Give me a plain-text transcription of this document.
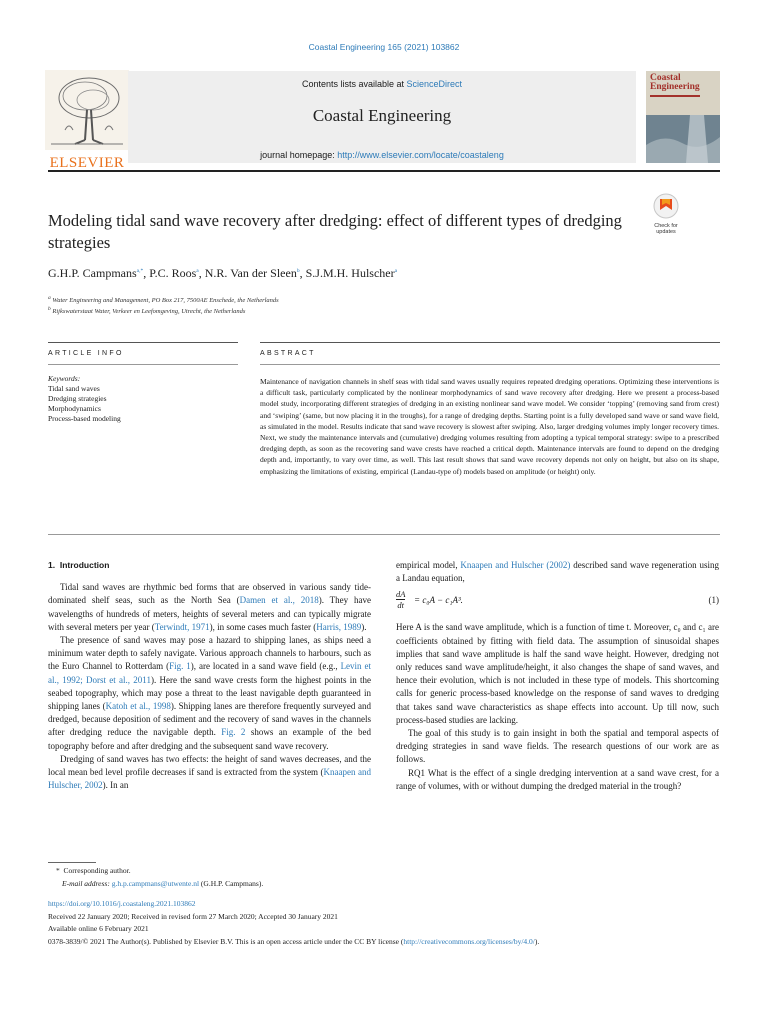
Coastal Engineering 165 (2021) 103862
ELSEVIER
Contents lists available at ScienceDirect
Coastal Engineering
journal homepage: http://www.elsevier.com/locate/coastaleng
Coastal
Engineering
Modeling tidal sand wave recovery after dredging: effect of different types of dredging strategies
Check for
updates
G.H.P. Campmans$^{a,*}$, P.C. Roos$^a$, N.R. Van der Sleen$^b$, S.J.M.H. Hulscher$^a$
$^a$ Water Engineering and Management, PO Box 217, 7500AE Enschede, the Netherlands
$^b$ Rijkswaterstaat Water, Verkeer en Leefomgeving, Utrecht, the Netherlands
ARTICLE INFO	ABSTRACT
Keywords:
Tidal sand waves
Dredging strategies
Morphodynamics
Process-based modeling
Maintenance of navigation channels in shelf seas with tidal sand waves usually requires repeated dredging operations. Optimizing these interventions is a difficult task, particularly complicated by the nonlinear morphodynamics of sand wave recovery after dredging. Here we present a process-based model study, incorporating different strategies of dredging in an existing nonlinear sand wave model. We consider ‘topping’ (removing sand from crest) and ‘swiping’ (same, but now placing it in the troughs), for a range of dredging depths. Starting point is a fully developed sand wave or sand wave field, as simulated in the model. Results indicate that sand wave recovery is slowest after swiping. Also, larger dredging volumes imply longer recovery times. Next, we study the maintenance intervals and (cumulative) dredging volumes resulting from adopting a typical temporal strategy: swipe to a prescribed dredging depth, as soon as the recovering sand wave crests have reached a critical depth. Maintenance intervals are found to depend on the dredging depth and, importantly, to vary over time, as well. This last result shows that sand wave recovery depends not only on height, but also on its shape, emphasizing the limitations of existing, empirical (Landau-type of) models based on amplitude (or height) only.
1. Introduction

Tidal sand waves are rhythmic bed forms that are observed in various sandy tide-dominated shelf seas, such as the North Sea (Damen et al., 2018). They have wavelengths of hundreds of meters, heights of several meters and can typically migrate with several meters per year (Terwindt, 1971), in some cases much faster (Harris, 1989).

The presence of sand waves may pose a hazard to shipping lanes, as ships need a minimum water depth to safely navigate. Various approach channels to harbours, such as the Euro Channel to Rotterdam (Fig. 1), are located in a sand wave field (e.g., Levin et al., 1992; Dorst et al., 2011). Here the sand wave crests form the highest points in the seabed topography, which may pose a threat to the least navigable depth guaranteed in shipping lanes (Katoh et al., 1998). Shipping lanes are therefore frequently surveyed and dredged, because deposition of sediment and the recovery of sand waves in the channels after dredging reduce the navigable depth. Fig. 2 shows an example of the bed topography before and after dredging and the subsequent sand wave recovery.

Dredging of sand waves has two effects: the height of sand waves decreases, and the local mean bed level profile decreases if sand is extracted from the system (Knaapen and Hulscher, 2002). In an

empirical model, Knaapen and Hulscher (2002) described sand wave regeneration using a Landau equation,

dA
dt = c₀A − c₁A³.	(1)

Here A is the sand wave amplitude, which is a function of time t. Moreover, c₀ and c₁ are coefficients obtained by fitting with field data. The assumption of sinusoidal shapes implies that sand wave amplitude is half the sand wave height. However, dredging not only reduces sand wave amplitude/height, it also changes the shape of sand waves, and hence their evolution, which is not included in these type of models. This shortcoming calls for generic process-based knowledge on the response of sand waves to dredging that takes sand wave characteristics as shape effects into account. Up till now, such process-based studies are lacking.

The goal of this study is to gain insight in both the spatial and temporal aspects of dredging strategies in sand wave fields. The research questions of our work are as follows.

RQ1 What is the effect of a single dredging intervention at a sand wave crest, for a range of volumes, with or without dumping the dredged material in the trough?

* Corresponding author.
E-mail address: g.h.p.campmans@utwente.nl (G.H.P. Campmans).
https://doi.org/10.1016/j.coastaleng.2021.103862
Received 22 January 2020; Received in revised form 27 March 2020; Accepted 30 January 2021
Available online 6 February 2021
0378-3839/© 2021 The Author(s). Published by Elsevier B.V. This is an open access article under the CC BY license (http://creativecommons.org/licenses/by/4.0/).
